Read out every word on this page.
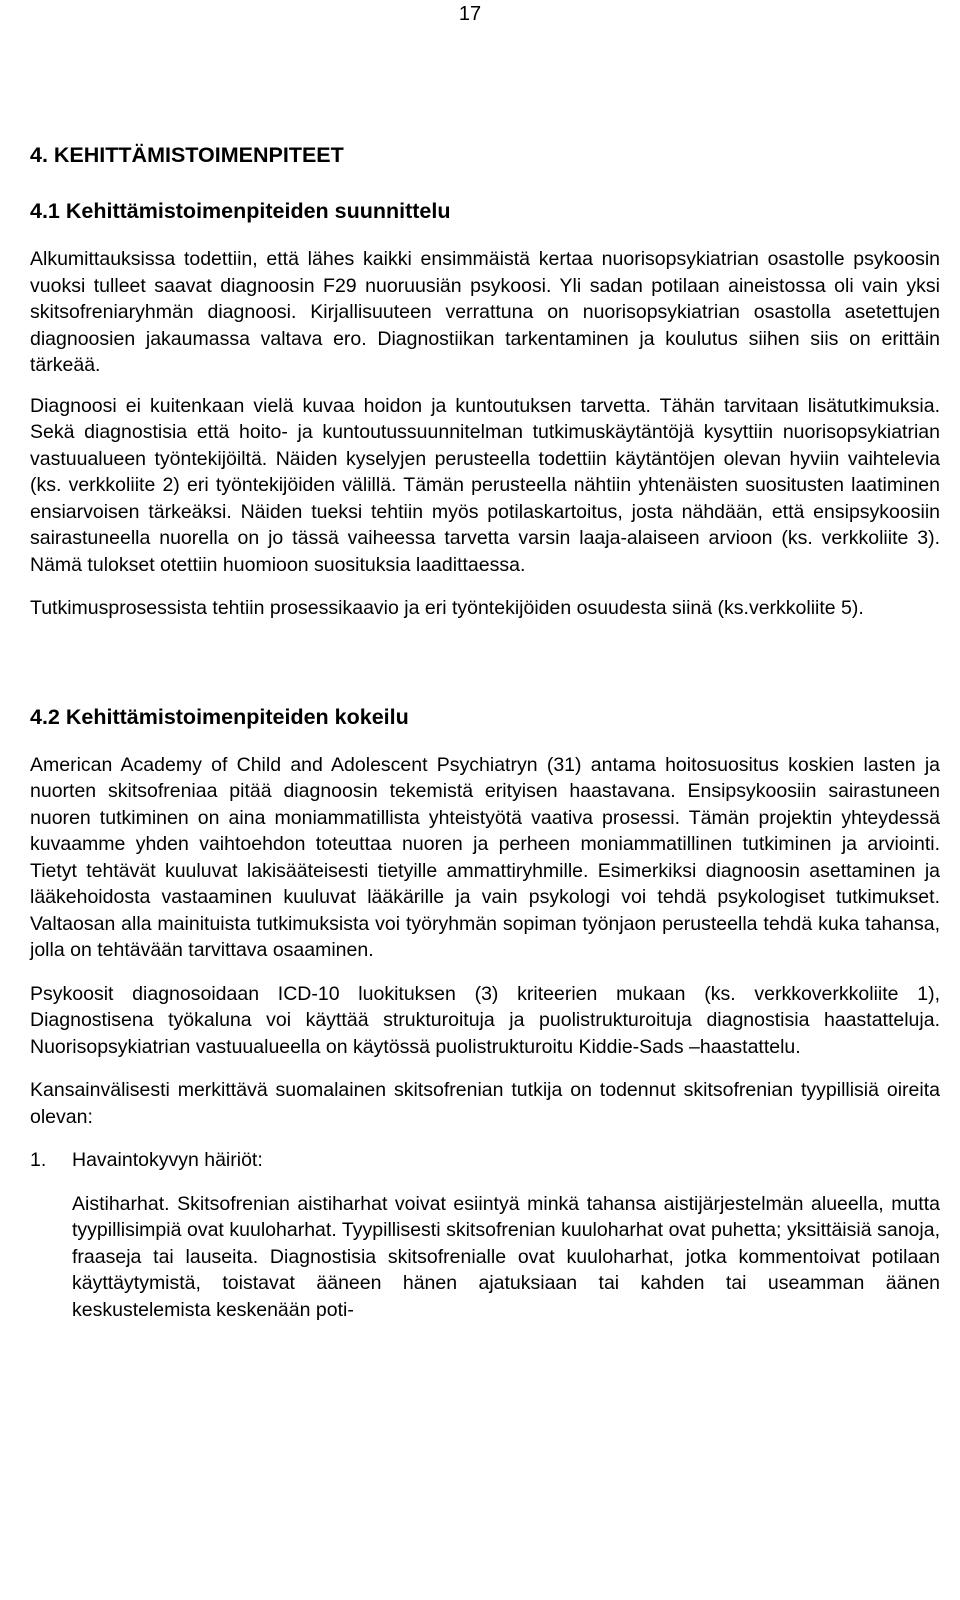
17
4. KEHITTÄMISTOIMENPITEET
4.1 Kehittämistoimenpiteiden suunnittelu

Alkumittauksissa todettiin, että lähes kaikki ensimmäistä kertaa nuorisopsykiatrian osastolle psykoosin vuoksi tulleet saavat diagnoosin F29 nuoruusiän psykoosi. Yli sadan potilaan aineistossa oli vain yksi skitsofreniaryhmän diagnoosi. Kirjallisuuteen verrattuna on nuorisopsykiatrian osastolla asetettujen diagnoosien jakaumassa valtava ero. Diagnostiikan tarkentaminen ja koulutus siihen siis on erittäin tärkeää.

Diagnoosi ei kuitenkaan vielä kuvaa hoidon ja kuntoutuksen tarvetta. Tähän tarvitaan lisätutkimuksia. Sekä diagnostisia että hoito- ja kuntoutussuunnitelman tutkimuskäytäntöjä kysyttiin nuorisopsykiatrian vastuualueen työntekijöiltä. Näiden kyselyjen perusteella todettiin käytäntöjen olevan hyviin vaihtelevia (ks. verkkoliite 2) eri työntekijöiden välillä. Tämän perusteella nähtiin yhtenäisten suositusten laatiminen ensiarvoisen tärkeäksi. Näiden tueksi tehtiin myös potilaskartoitus, josta nähdään, että ensipsykoosiin sairastuneella nuorella on jo tässä vaiheessa tarvetta varsin laaja-alaiseen arvioon (ks. verkkoliite 3). Nämä tulokset otettiin huomioon suosituksia laadittaessa.

Tutkimusprosessista tehtiin prosessikaavio ja eri työntekijöiden osuudesta siinä (ks.verkkoliite 5).

4.2 Kehittämistoimenpiteiden kokeilu

American Academy of Child and Adolescent Psychiatryn (31) antama hoitosuositus koskien lasten ja nuorten skitsofreniaa pitää diagnoosin tekemistä erityisen haastavana. Ensipsykoosiin sairastuneen nuoren tutkiminen on aina moniammatillista yhteistyötä vaativa prosessi. Tämän projektin yhteydessä kuvaamme yhden vaihtoehdon toteuttaa nuoren ja perheen moniammatillinen tutkiminen ja arviointi. Tietyt tehtävät kuuluvat lakisääteisesti tietyille ammattiryhmille. Esimerkiksi diagnoosin asettaminen ja lääkehoidosta vastaaminen kuuluvat lääkärille ja vain psykologi voi tehdä psykologiset tutkimukset. Valtaosan alla mainituista tutkimuksista voi työryhmän sopiman työnjaon perusteella tehdä kuka tahansa, jolla on tehtävään tarvittava osaaminen.

Psykoosit diagnosoidaan ICD-10 luokituksen (3) kriteerien mukaan (ks. verkkoverkkoliite 1), Diagnostisena työkaluna voi käyttää strukturoituja ja puolistrukturoituja diagnostisia haastatteluja. Nuorisopsykiatrian vastuualueella on käytössä puolistrukturoitu Kiddie-Sads –haastattelu.

Kansainvälisesti merkittävä suomalainen skitsofrenian tutkija on todennut skitsofrenian tyypillisiä oireita olevan:

1.	Havaintokyvyn häiriöt:

Aistiharhat. Skitsofrenian aistiharhat voivat esiintyä minkä tahansa aistijärjestelmän alueella, mutta tyypillisimpiä ovat kuuloharhat. Tyypillisesti skitsofrenian kuuloharhat ovat puhetta; yksittäisiä sanoja, fraaseja tai lauseita. Diagnostisia skitsofrenialle ovat kuuloharhat, jotka kommentoivat potilaan käyttäytymistä, toistavat ääneen hänen ajatuksiaan tai kahden tai useamman äänen keskustelemista keskenään poti-
